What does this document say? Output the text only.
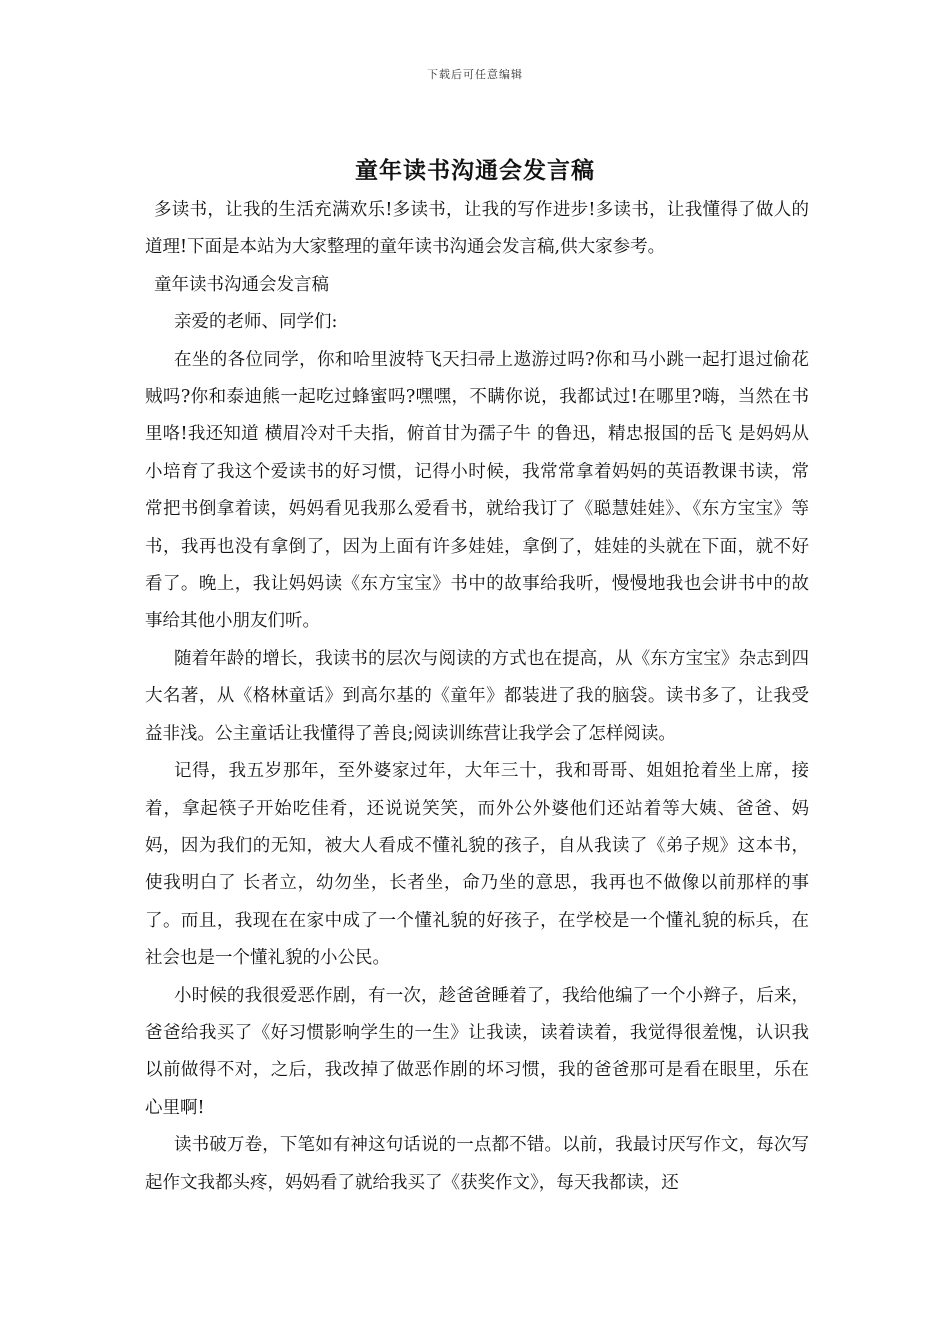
下载后可任意编辑
童年读书沟通会发言稿

多读书，让我的生活充满欢乐!多读书，让我的写作进步!多读书，让我懂得了做人的道理!下面是本站为大家整理的童年读书沟通会发言稿,供大家参考。

童年读书沟通会发言稿

亲爱的老师、同学们:

在坐的各位同学，你和哈里波特飞天扫帚上遨游过吗?你和马小跳一起打退过偷花贼吗?你和泰迪熊一起吃过蜂蜜吗?嘿嘿，不瞒你说，我都试过!在哪里?嗨，当然在书里咯!我还知道 横眉冷对千夫指，俯首甘为孺子牛 的鲁迅，精忠报国的岳飞 是妈妈从小培育了我这个爱读书的好习惯，记得小时候，我常常拿着妈妈的英语教课书读，常常把书倒拿着读，妈妈看见我那么爱看书，就给我订了《聪慧娃娃》、《东方宝宝》等书，我再也没有拿倒了，因为上面有许多娃娃，拿倒了，娃娃的头就在下面，就不好看了。晚上，我让妈妈读《东方宝宝》书中的故事给我听，慢慢地我也会讲书中的故事给其他小朋友们听。

随着年龄的增长，我读书的层次与阅读的方式也在提高，从《东方宝宝》杂志到四大名著，从《格林童话》到高尔基的《童年》都装进了我的脑袋。读书多了，让我受益非浅。公主童话让我懂得了善良;阅读训练营让我学会了怎样阅读。

记得，我五岁那年，至外婆家过年，大年三十，我和哥哥、姐姐抢着坐上席，接着，拿起筷子开始吃佳肴，还说说笑笑，而外公外婆他们还站着等大姨、爸爸、妈妈，因为我们的无知，被大人看成不懂礼貌的孩子，自从我读了《弟子规》这本书，使我明白了 长者立，幼勿坐，长者坐，命乃坐的意思，我再也不做像以前那样的事了。而且，我现在在家中成了一个懂礼貌的好孩子，在学校是一个懂礼貌的标兵，在社会也是一个懂礼貌的小公民。

小时候的我很爱恶作剧，有一次，趁爸爸睡着了，我给他编了一个小辫子，后来，爸爸给我买了《好习惯影响学生的一生》让我读，读着读着，我觉得很羞愧，认识我以前做得不对，之后，我改掉了做恶作剧的坏习惯，我的爸爸那可是看在眼里，乐在心里啊!

读书破万卷，下笔如有神这句话说的一点都不错。以前，我最讨厌写作文，每次写起作文我都头疼，妈妈看了就给我买了《获奖作文》，每天我都读，还
